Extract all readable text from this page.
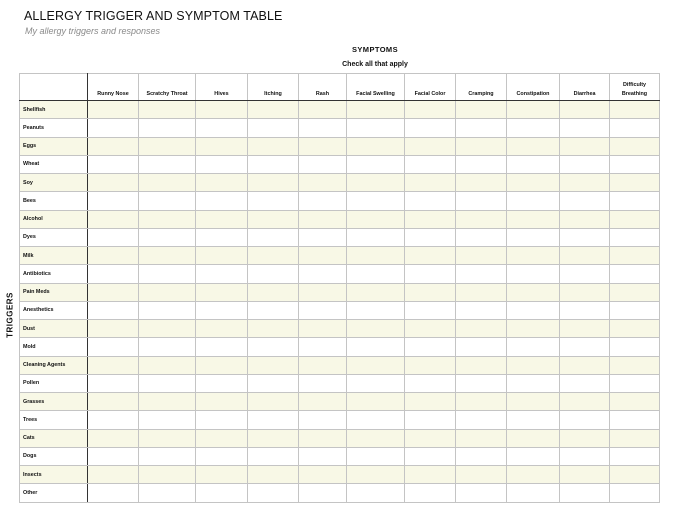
ALLERGY TRIGGER AND SYMPTOM TABLE
My allergy triggers and responses
SYMPTOMS
Check all that apply
TRIGGERS
	Runny Nose	Scratchy Throat	Hives	Itching	Rash	Facial Swelling	Facial Color	Cramping	Constipation	Diarrhea	Difficulty Breathing
Shellfish											
Peanuts											
Eggs											
Wheat											
Soy											
Bees											
Alcohol											
Dyes											
Milk											
Antibiotics											
Pain Meds											
Anesthetics											
Dust											
Mold											
Cleaning Agents											
Pollen											
Grasses											
Trees											
Cats											
Dogs											
Insects											
Other											
